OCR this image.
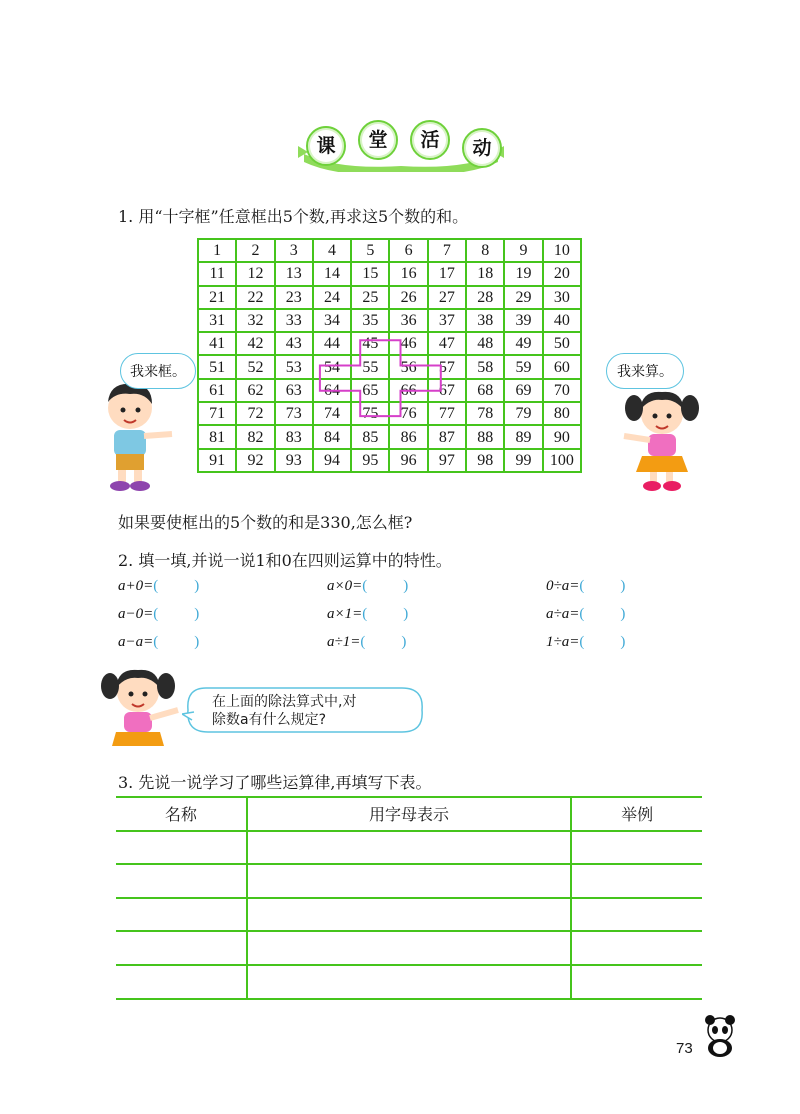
课	堂	活	动
1. 用“十字框”任意框出5个数,再求这5个数的和。
1	2	3	4	5	6	7	8	9	10
11	12	13	14	15	16	17	18	19	20
21	22	23	24	25	26	27	28	29	30
31	32	33	34	35	36	37	38	39	40
41	42	43	44	45	46	47	48	49	50
51	52	53	54	55	56	57	58	59	60
61	62	63	64	65	66	67	68	69	70
71	72	73	74	75	76	77	78	79	80
81	82	83	84	85	86	87	88	89	90
91	92	93	94	95	96	97	98	99	100
我来框。	我来算。
如果要使框出的5个数的和是330,怎么框?
2. 填一填,并说一说1和0在四则运算中的特性。
a+0=( )	a×0=( )	0÷a=( )
a−0=( )	a×1=( )	a÷a=( )
a−a=( )	a÷1=( )	1÷a=( )
在上面的除法算式中,对
除数a有什么规定?
3. 先说一说学习了哪些运算律,再填写下表。
名称	用字母表示	举例

73
